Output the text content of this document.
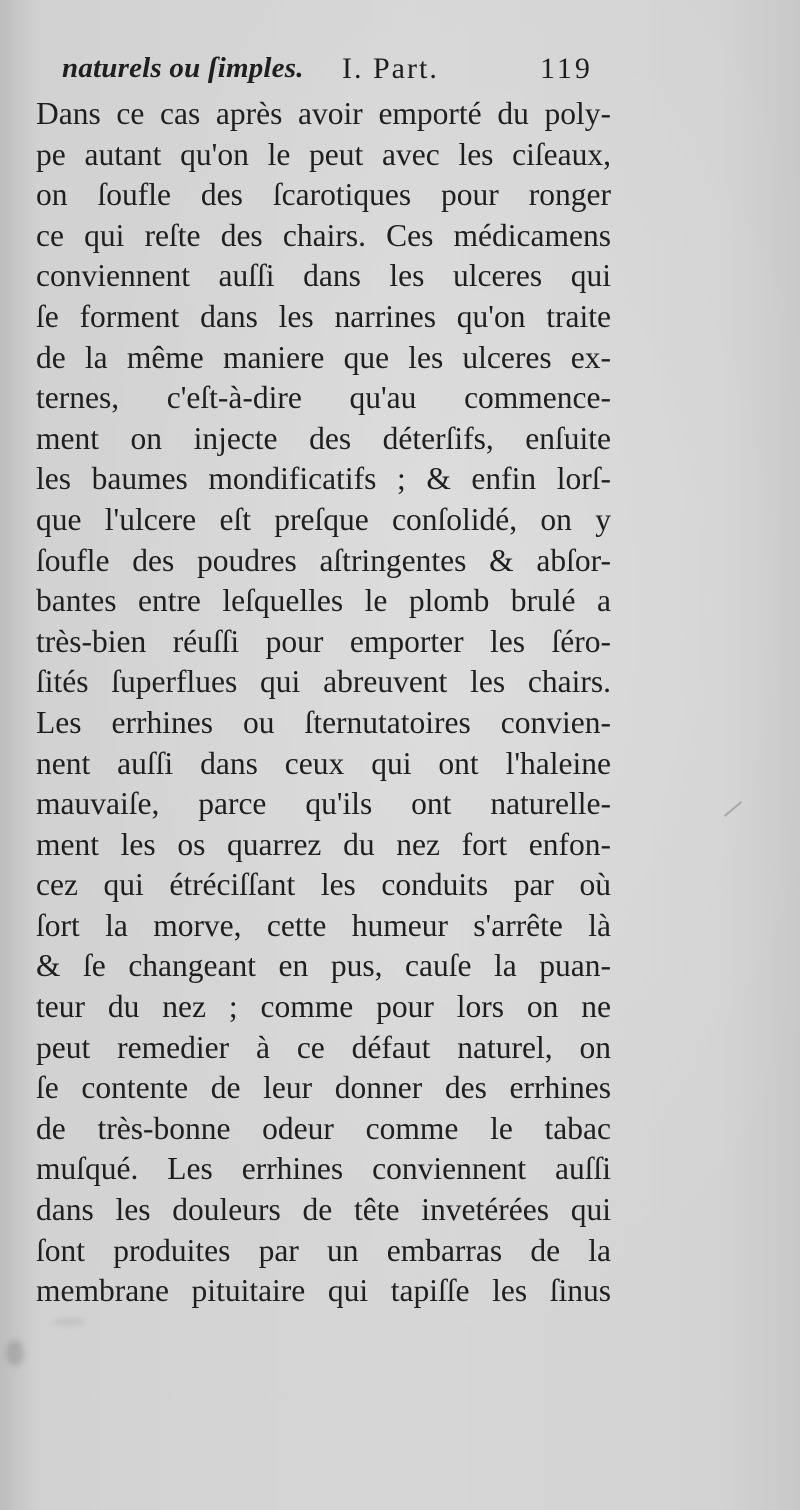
naturels ou ſimples. I. Part.	119
Dans ce cas après avoir emporté du poly-
pe autant qu'on le peut avec les ciſeaux,
on ſoufle des ſcarotiques pour ronger
ce qui reſte des chairs. Ces médicamens
conviennent auſſi dans les ulceres qui
ſe forment dans les narrines qu'on traite
de la même maniere que les ulceres ex-
ternes, c'eſt-à-dire qu'au commence-
ment on injecte des déterſifs, enſuite
les baumes mondificatifs ; & enfin lorſ-
que l'ulcere eſt preſque conſolidé, on y
ſoufle des poudres aſtringentes & abſor-
bantes entre leſquelles le plomb brulé a
très-bien réuſſi pour emporter les ſéro-
ſités ſuperflues qui abreuvent les chairs.
Les errhines ou ſternutatoires convien-
nent auſſi dans ceux qui ont l'haleine
mauvaiſe, parce qu'ils ont naturelle-
ment les os quarrez du nez fort enfon-
cez qui étréciſſant les conduits par où
ſort la morve, cette humeur s'arrête là
& ſe changeant en pus, cauſe la puan-
teur du nez ; comme pour lors on ne
peut remedier à ce défaut naturel, on
ſe contente de leur donner des errhines
de très-bonne odeur comme le tabac
muſqué. Les errhines conviennent auſſi
dans les douleurs de tête invetérées qui
ſont produites par un embarras de la
membrane pituitaire qui tapiſſe les ſinus
